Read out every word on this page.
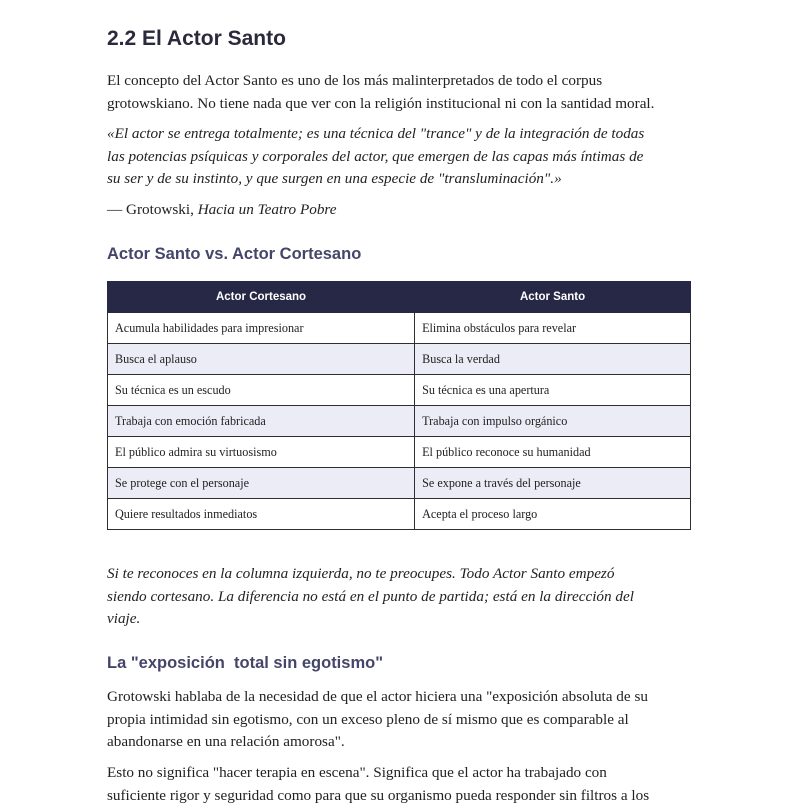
2.2 El Actor Santo

El concepto del Actor Santo es uno de los más malinterpretados de todo el corpus

grotowskiano. No tiene nada que ver con la religión institucional ni con la santidad moral.

«El actor se entrega totalmente; es una técnica del "trance" y de la integración de todas

las potencias psíquicas y corporales del actor, que emergen de las capas más íntimas de

su ser y de su instinto, y que surgen en una especie de "transluminación".»

— Grotowski, Hacia un Teatro Pobre

Actor Santo vs. Actor Cortesano
Actor Cortesano	Actor Santo
Acumula habilidades para impresionar	Elimina obstáculos para revelar
Busca el aplauso	Busca la verdad
Su técnica es un escudo	Su técnica es una apertura
Trabaja con emoción fabricada	Trabaja con impulso orgánico
El público admira su virtuosismo	El público reconoce su humanidad
Se protege con el personaje	Se expone a través del personaje
Quiere resultados inmediatos	Acepta el proceso largo

Si te reconoces en la columna izquierda, no te preocupes. Todo Actor Santo empezó

siendo cortesano. La diferencia no está en el punto de partida; está en la dirección del

viaje.

La "exposición  total sin egotismo"

Grotowski hablaba de la necesidad de que el actor hiciera una "exposición absoluta de su

propia intimidad sin egotismo, con un exceso pleno de sí mismo que es comparable al

abandonarse en una relación amorosa".

Esto no significa "hacer terapia en escena". Significa que el actor ha trabajado con

suficiente rigor y seguridad como para que su organismo pueda responder sin filtros a los
